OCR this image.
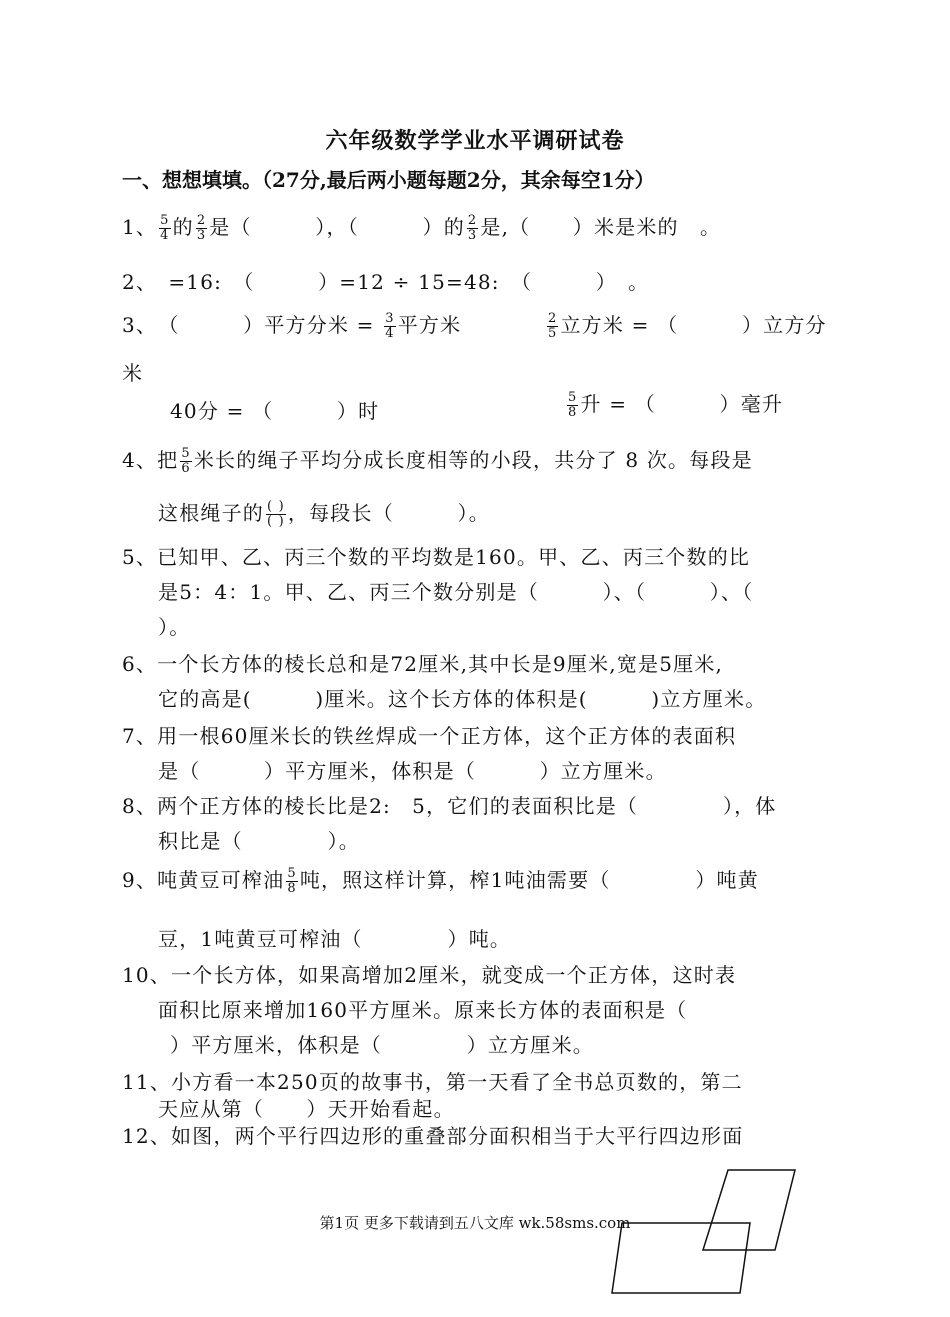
六年级数学学业水平调研试卷
一、想想填填。（27分,最后两小题每题2分，其余每空1分）
1、 $\frac{5}{4}$ 的 $\frac{2}{3}$ 是（　　　），（　　　）的 $\frac{2}{3}$ 是,（　　）米是米的　。
2、　=16:　（　　　）=12 ÷ 15=48:　（　　　）　。
3、　（　　　）平方分米 = $\frac{3}{4}$ 平方米	$\frac{2}{5}$ 立方米 = （　　　）立方分
米
40分 = （　　　）时	$\frac{5}{8}$ 升 = （　　　）毫升
4、把 $\frac{5}{6}$ 米长的绳子平均分成长度相等的小段，共分了 8 次。每段是
这根绳子的 $\frac{( )}{( )}$ ，每段长（　　　）。
5、已知甲、乙、丙三个数的平均数是160。甲、乙、丙三个数的比
是5：4：1。甲、乙、丙三个数分别是（　　　）、（　　　）、（
）。
6、一个长方体的棱长总和是72厘米,其中长是9厘米,宽是5厘米,
它的高是(　　　)厘米。这个长方体的体积是(　　　)立方厘米。
7、用一根60厘米长的铁丝焊成一个正方体，这个正方体的表面积
是（　　　）平方厘米，体积是（　　　）立方厘米。
8、两个正方体的棱长比是2:　5，它们的表面积比是（　　　　），体
积比是（　　　　）。
9、吨黄豆可榨油 $\frac{5}{8}$ 吨，照这样计算，榨1吨油需要（　　　　）吨黄
豆，1吨黄豆可榨油（　　　　）吨。
10、一个长方体，如果高增加2厘米，就变成一个正方体，这时表
面积比原来增加160平方厘米。原来长方体的表面积是（
）平方厘米，体积是（　　　　）立方厘米。
11、小方看一本250页的故事书，第一天看了全书总页数的，第二
天应从第（　　）天开始看起。
12、如图，两个平行四边形的重叠部分面积相当于大平行四边形面
第1页 更多下载请到五八文库 wk.58sms.com
